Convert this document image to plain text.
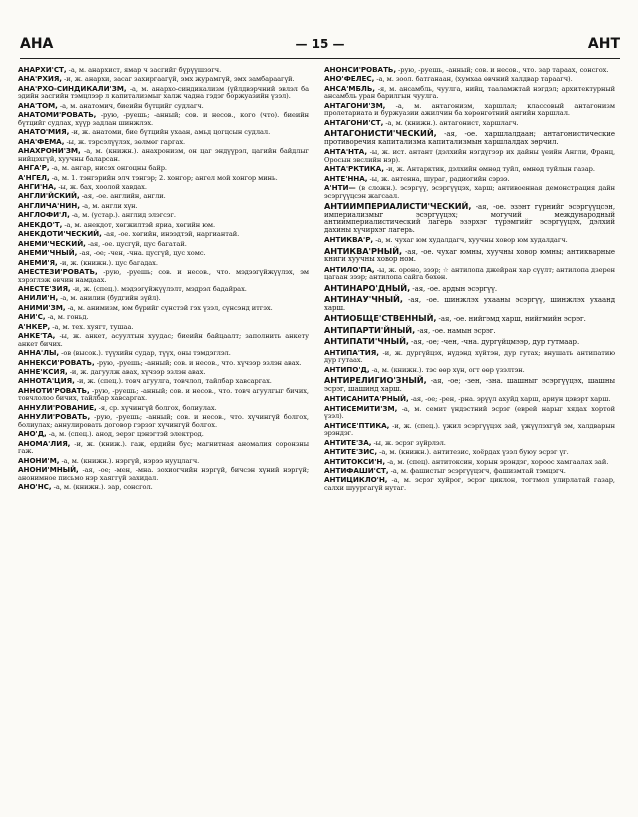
АНА	— 15 —	АНТ

АНАРХИ'СТ, -а, м. анархист, ямар ч засгийг бүрүүшээгч.

АНА'РХИЯ, -и, ж. анархи, засаг захиргаагүй, эмх журамгүй, эмх замбараагүй.

АНА'РХО-СИНДИКАЛИ'ЗМ, -а, м. анархо-синдикализм (үйлдвэрчний эвлэл ба эдийн засгийн тэмцлээр л капитализмыг халж чадна гэдэг боржуазийн үзэл).

АНА'ТОМ, -а, м. анатомич, биеийн бүтцийг судлагч.

АНАТОМИ'РОВАТЬ, -рую, -руешь; -анный; сов. и несов., кого (что). биеийн бүтцийг судлах, хүүр задлан шинжлэх.

АНАТО'МИЯ, -и, ж. анатоми, бие бүтцийн ухаан, амьд цогцсын судлал.

АНА'ФЕМА, -ы, ж. тэрсэлүүлэх, зөлмөг гаргах.

АНАХРОНИ'ЗМ, -а, м. (книжн.). анахронизм, он цаг эндүүрэл, цагийн байдлыг нийцэхгүй, хуучны баларсан.

АНГА'Р, -а, м. ангар, нисэх онгоцны байр.

А'НГЕЛ, -а, м. 1. тэнгэрийн элч тэнгэр; 2. хонгор; ангел мой хонгор минь.

АНГИ'НА, -ы, ж. бах, хоолой хавдах.

АНГЛИ'ЙСКИЙ, -ая, -ое. английн, англи.

АНГЛИЧА'НИН, -а, м. англи хүн.

АНГЛОФИ'Л, -а, м. (устар.). англид элэгсэг.

АНЕКДО'Т, -а, м. анекдот, хөгжилтэй яриа, хөгийн юм.

АНЕКДОТИ'ЧЕСКИЙ, -ая, -ое. хөгийн, инээдтэй, наргиантай.

АНЕМИ'ЧЕСКИЙ, -ая, -ое. цусгүй, цус багатай.

АНЕМИ'ЧНЫЙ, -ая, -ое; -чен, -чна. цусгүй, цус хомс.

АНЕМИ'Я, -и, ж. (книжн.). цус багадах.

АНЕСТЕЗИ'РОВАТЬ, -рую, -руешь; сов. и несов., что. мэдээгүйжүүлэх, эм хэрэглэж өвчин намдаах.

АНЕСТЕ'ЗИЯ, -и, ж. (спец.). мэдээгүйжүүлэлт, мэдрэл бадайрах.

АНИЛИ'Н, -а, м. анилин (будгийн зүйл).

АНИМИ'ЗМ, -а, м. анимизм, юм бүрийг сүнстэй гэх үзэл, сүнсэнд итгэх.

АНИ'С, -а, м. гоньд.

А'НКЕР, -а, м. тех. хуягт, тушаа.

АНКЕ'ТА, -ы, ж. анкет, асуултын хуудас; биеийн байцаалт; заполнить анкету анкет бичих.

АННА'ЛЫ, -ов (высок.). түүхийн судар, түүх, оны тэмдэглэл.

АННЕКСИ'РОВАТЬ, -рую, -руешь; -анный; сов. и несов., что. хүчээр эзлэн авах.

АННЕ'КСИЯ, -и, ж. дагуулж авах, хүчээр эзлэн авах.

АННОТА'ЦИЯ, -и, ж. (спец.). товч агуулга, товчлол, тайлбар хавсаргах.

АННОТИ'РОВАТЬ, -рую, -руешь; -анный; сов. и несов., что. товч агуулгыг бичих, товчлолоо бичих, тайлбар хавсаргах.

АННУЛИ'РОВАНИЕ, -я, ср. хүчингүй болгох, болиулах.

АННУЛИ'РОВАТЬ, -рую, -руешь; -анный; сов. и несов., что. хүчингүй болгох, болиулах; аннулировать договор гэрээг хүчингүй болгох.

АНО'Д, -а, м. (спец.). анод, эерэг цэнэгтэй электрод.

АНОМА'ЛИЯ, -и, ж. (книж.). гаж, ердийн бус; магнитная аномалия соронзны гаж.

АНОНИ'М, -а, м. (книжн.). нэргүй, нэрээ нууцлагч.

АНОНИ'МНЫЙ, -ая, -ое; -мен, -мна. зохиогчийн нэргүй, бичсэн хүний нэргүй; анонимное письмо нэр хаяггүй захидал.

АНО'НС, -а, м. (книжн.). зар, сонсгол.

АНОНСИ'РОВАТЬ, -рую, -руешь, -анный; сов. и несов., что. зар тараах, сонсгох.

АНО'ФЕЛЕС, -а, м. зоол. батганаан, (хумхаа өвчний халдвар тараагч).

АНСА'МБЛЬ, -я, м. ансамбль, чуулга, нийц, тааламжтай нэгдэл; архитектурный ансамбль уран барилгын чуулга.

АНТАГОНИ'ЗМ, -а, м. антагонизм, харшлал; классовый антагонизм пролетариата и буржуазии ажилчин ба хөрөнгөтний ангийн харшлал.

АНТАГОНИ'СТ, -а, м. (книжн.). антагонист, харшлагч.

АНТАГОНИСТИ'ЧЕСКИЙ, -ая, -ое. харшлалдаан; антагонистические противоречия капитализма капитализмын харшлалдах зөрчил.

АНТА'НТА, -ы, ж. ист. антант (дэлхийн нэгдүгээр их дайны үеийн Англи, Франц, Оросын эвслийн нэр).

АНТА'РКТИКА, -и, ж. Антарктик, дэлхийн өмнөд туйл, өмнөд туйлын газар.

АНТЕ'ННА, -ы, ж. антенна, шураг, радиогийн сэрээ.

А'НТИ— (в сложн.). эсэргүү, эсэргүүцэх, харш; антивоенная демонстрация дайн эсэргүүцсэн жагсаал.

АНТИИМПЕРИАЛИСТИ'ЧЕСКИЙ, -ая, -ое. эзэнт гүрнийг эсэргүүцсэн, империализмыг эсэргүүцэх; могучий международный антиимпериалистический лагерь эзэрхэг түрэмгийг эсэргүүцэх, дэлхий дахины хүчирхэг лагерь.

АНТИКВА'Р, -а, м. чухаг юм худалдагч, хуучны ховор юм худалдагч.

АНТИКВА'РНЫЙ, -ая, -ое. чухаг юмны, хуучны ховор юмны; антикварные книги хуучны ховор ном.

АНТИЛО'ПА, -ы, ж. ороно, зээр; ☆ антилопа джейран хар сүүлт; антилопа дзерен цагаан зээр; антилопа сайга бөхөн.

АНТИНАРО'ДНЫЙ, -ая, -ое. ардын эсэргүү.

АНТИНАУ'ЧНЫЙ, -ая, -ое. шинжлэх ухааны эсэргүү, шинжлэх ухаанд харш.

АНТИОБЩЕ'СТВЕННЫЙ, -ая, -ое. нийгэмд харш, нийгмийн эсрэг.

АНТИПАРТИ'ЙНЫЙ, -ая, -ое. намын эсрэг.

АНТИПАТИ'ЧНЫЙ, -ая, -ое; -чен, -чна. дургүйцмээр, дур гутмаар.

АНТИПА'ТИЯ, -и, ж. дургүйцэх, нүдэнд хүйтэн, дур гутах; внушать антипатию дур гутаах.

АНТИПО'Д, -а, м. (книжн.). тэс өөр хүн, огт өөр үзэлтэн.

АНТИРЕЛИГИО'ЗНЫЙ, -ая, -ое; -зен, -зна. шашныг эсэргүүцэх, шашны эсрэг, шашинд харш.

АНТИСАНИТА'РНЫЙ, -ая, -ое; -рен, -рна. эрүүл ахуйд харш, ариун цэвэрт харш.

АНТИСЕМИТИ'ЗМ, -а, м. семит үндэстний эсрэг (еврей нарыг хядах хортой үзэл).

АНТИСЕ'ПТИКА, -и, ж. (спец.). үжил эсэргүүцэх зай, үжүүлэхгүй эм, халдварын эрэндэг.

АНТИТЕ'ЗА, -ы, ж. эсрэг зүйрлэл.

АНТИТЕ'ЗИС, -а, м. (книжн.). антитезис, хоёрдах үзэл буюу эсрэг үг.

АНТИТОКСИ'Н, -а, м. (спец). антитоксин, хорын эрэндэг, хороос хамгаалах зай.

АНТИФАШИ'СТ, -а, м. фашистыг эсэргүүцэгч, фашизмтай тэмцэгч.

АНТИЦИКЛО'Н, -а, м. эсрэг хуйрог, эсрэг циклон, тогтмол улирлатай газар, салхи шуургагүй нутаг.
